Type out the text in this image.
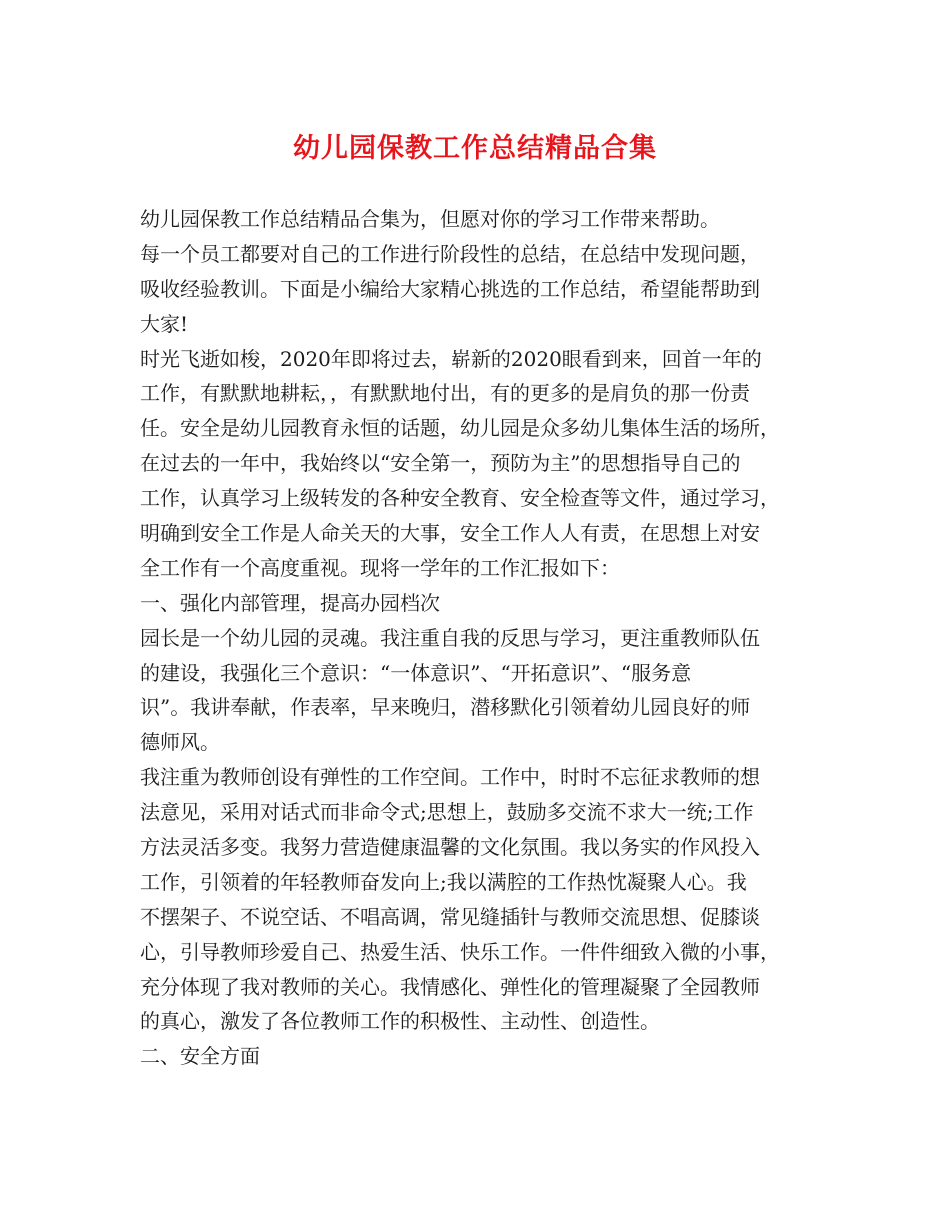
幼儿园保教工作总结精品合集
幼儿园保教工作总结精品合集为，但愿对你的学习工作带来帮助。
每一个员工都要对自己的工作进行阶段性的总结，在总结中发现问题，
吸收经验教训。下面是小编给大家精心挑选的工作总结，希望能帮助到
大家!
时光飞逝如梭，2020年即将过去，崭新的2020眼看到来，回首一年的
工作，有默默地耕耘，，有默默地付出，有的更多的是肩负的那一份责
任。安全是幼儿园教育永恒的话题，幼儿园是众多幼儿集体生活的场所，
在过去的一年中，我始终以“安全第一，预防为主”的思想指导自己的
工作，认真学习上级转发的各种安全教育、安全检查等文件，通过学习，
明确到安全工作是人命关天的大事，安全工作人人有责，在思想上对安
全工作有一个高度重视。现将一学年的工作汇报如下：
一、强化内部管理，提高办园档次
园长是一个幼儿园的灵魂。我注重自我的反思与学习，更注重教师队伍
的建设，我强化三个意识：“一体意识”、“开拓意识”、“服务意
识”。我讲奉献，作表率，早来晚归，潜移默化引领着幼儿园良好的师
德师风。
我注重为教师创设有弹性的工作空间。工作中，时时不忘征求教师的想
法意见，采用对话式而非命令式;思想上，鼓励多交流不求大一统;工作
方法灵活多变。我努力营造健康温馨的文化氛围。我以务实的作风投入
工作，引领着的年轻教师奋发向上;我以满腔的工作热忱凝聚人心。我
不摆架子、不说空话、不唱高调，常见缝插针与教师交流思想、促膝谈
心，引导教师珍爱自己、热爱生活、快乐工作。一件件细致入微的小事，
充分体现了我对教师的关心。我情感化、弹性化的管理凝聚了全园教师
的真心，激发了各位教师工作的积极性、主动性、创造性。
二、安全方面
